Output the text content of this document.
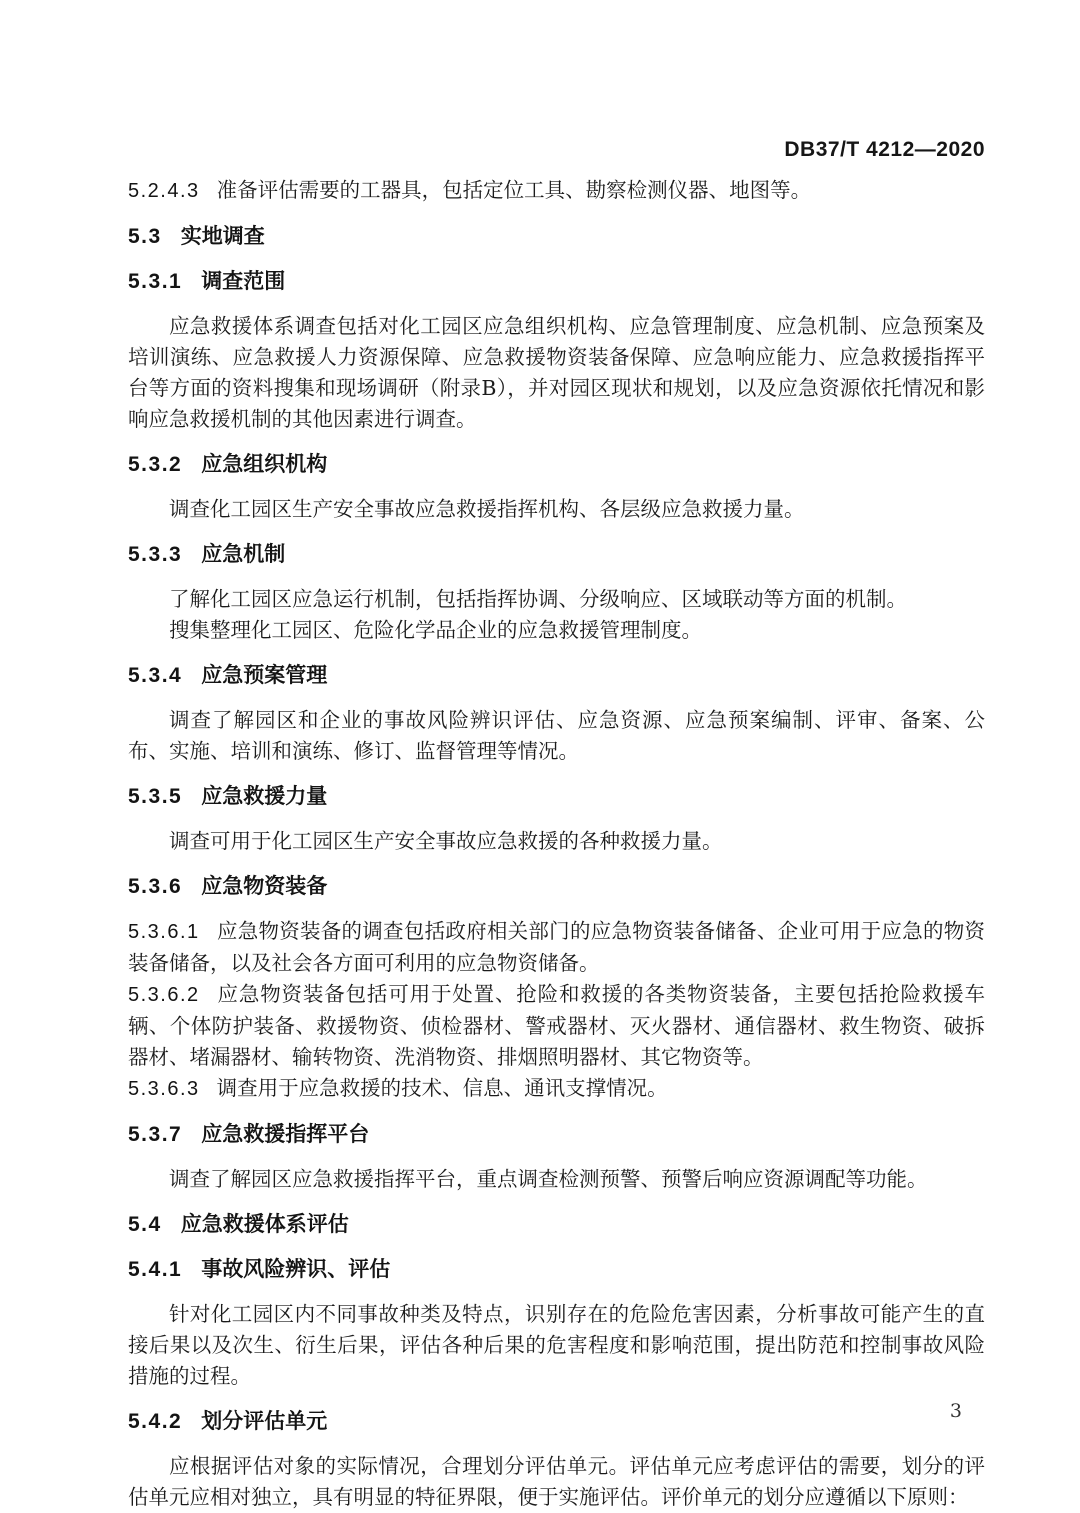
DB37/T 4212—2020
5.2.4.3 准备评估需要的工器具，包括定位工具、勘察检测仪器、地图等。
5.3 实地调查
5.3.1 调查范围

应急救援体系调查包括对化工园区应急组织机构、应急管理制度、应急机制、应急预案及培训演练、应急救援人力资源保障、应急救援物资装备保障、应急响应能力、应急救援指挥平台等方面的资料搜集和现场调研（附录B），并对园区现状和规划，以及应急资源依托情况和影响应急救援机制的其他因素进行调查。

5.3.2 应急组织机构

调查化工园区生产安全事故应急救援指挥机构、各层级应急救援力量。

5.3.3 应急机制

了解化工园区应急运行机制，包括指挥协调、分级响应、区域联动等方面的机制。

搜集整理化工园区、危险化学品企业的应急救援管理制度。

5.3.4 应急预案管理

调查了解园区和企业的事故风险辨识评估、应急资源、应急预案编制、评审、备案、公布、实施、培训和演练、修订、监督管理等情况。

5.3.5 应急救援力量

调查可用于化工园区生产安全事故应急救援的各种救援力量。

5.3.6 应急物资装备
5.3.6.1 应急物资装备的调查包括政府相关部门的应急物资装备储备、企业可用于应急的物资装备储备，以及社会各方面可利用的应急物资储备。
5.3.6.2 应急物资装备包括可用于处置、抢险和救援的各类物资装备，主要包括抢险救援车辆、个体防护装备、救援物资、侦检器材、警戒器材、灭火器材、通信器材、救生物资、破拆器材、堵漏器材、输转物资、洗消物资、排烟照明器材、其它物资等。
5.3.6.3 调查用于应急救援的技术、信息、通讯支撑情况。
5.3.7 应急救援指挥平台

调查了解园区应急救援指挥平台，重点调查检测预警、预警后响应资源调配等功能。

5.4 应急救援体系评估
5.4.1 事故风险辨识、评估

针对化工园区内不同事故种类及特点，识别存在的危险危害因素，分析事故可能产生的直接后果以及次生、衍生后果，评估各种后果的危害程度和影响范围，提出防范和控制事故风险措施的过程。

5.4.2 划分评估单元

应根据评估对象的实际情况，合理划分评估单元。评估单元应考虑评估的需要，划分的评估单元应相对独立，具有明显的特征界限，便于实施评估。评价单元的划分应遵循以下原则：

3
